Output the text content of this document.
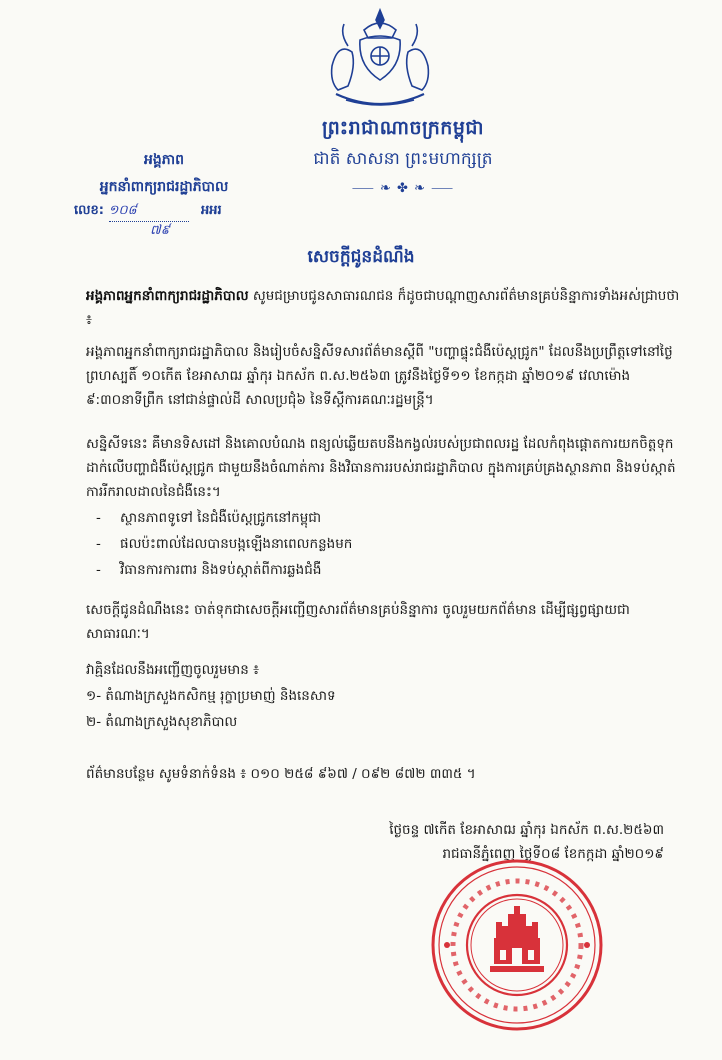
ព្រះរាជាណាចក្រកម្ពុជា
ជាតិ សាសនា ព្រះមហាក្សត្រ
⸺ ❧ ✤ ❧ ⸺
អង្គភាព
អ្នកនាំពាក្យរាជរដ្ឋាភិបាល
លេខ: ១០៨	អអរ
៧៩
សេចក្តីជូនដំណឹង
អង្គភាពអ្នកនាំពាក្យរាជរដ្ឋាភិបាល សូមជម្រាបជូនសាធារណជន ក៏ដូចជាបណ្តាញសារព័ត៌មានគ្រប់និន្នាការទាំងអស់ជ្រាបថា ៖
អង្គភាពអ្នកនាំពាក្យរាជរដ្ឋាភិបាល និងរៀបចំសន្និសីទសារព័ត៌មានស្តីពី "បញ្ហាផ្ទុះជំងឺប៉េស្តជ្រូក" ដែលនឹងប្រព្រឹត្តទៅនៅថ្ងៃព្រហស្បតិ៍ ១០កើត ខែអាសាឍ ឆ្នាំកុរ ឯកស័ក ព.ស.២៥៦៣ ត្រូវនឹងថ្ងៃទី១១ ខែកក្កដា ឆ្នាំ២០១៩ វេលាម៉ោង ៩:៣០នាទីព្រឹក នៅជាន់ផ្ទាល់ដី សាលប្រជុំ៦ នៃទីស្តីការគណៈរដ្ឋមន្ត្រី។
សន្និសីទនេះ គឺមានទិសដៅ និងគោលបំណង ពន្យល់ឆ្លើយតបនឹងកង្វល់របស់ប្រជាពលរដ្ឋ ដែលកំពុងផ្តោតការយកចិត្តទុកដាក់លើបញ្ហាជំងឺប៉េស្តជ្រូក ជាមួយនឹងចំណាត់ការ និងវិធានការរបស់រាជរដ្ឋាភិបាល ក្នុងការគ្រប់គ្រងស្ថានភាព និងទប់ស្កាត់ការរីករាលដាលនៃជំងឺនេះ។
- ស្ថានភាពទូទៅ នៃជំងឺប៉េស្តជ្រូកនៅកម្ពុជា
- ផលប៉ះពាល់ដែលបានបង្កឡើងនាពេលកន្លងមក
- វិធានការការពារ និងទប់ស្កាត់ពីការឆ្លងជំងឺ
សេចក្តីជូនដំណឹងនេះ ចាត់ទុកជាសេចក្តីអញ្ជើញសារព័ត៌មានគ្រប់និន្នាការ ចូលរួមយកព័ត៌មាន ដើម្បីផ្សព្វផ្សាយជាសាធារណៈ។
វាគ្មិនដែលនឹងអញ្ជើញចូលរួមមាន ៖
១- តំណាងក្រសួងកសិកម្ម រុក្ខាប្រមាញ់ និងនេសាទ
២- តំណាងក្រសួងសុខាភិបាល
ព័ត៌មានបន្ថែម សូមទំនាក់ទំនង ៖ ០១០ ២៥៨ ៩៦៧ / ០៩២ ៨៧២ ៣៣៥ ។
ថ្ងៃចន្ទ ៧កើត ខែអាសាឍ ឆ្នាំកុរ ឯកស័ក ព.ស.២៥៦៣
រាជធានីភ្នំពេញ ថ្ងៃទី០៨ ខែកក្កដា ឆ្នាំ២០១៩
